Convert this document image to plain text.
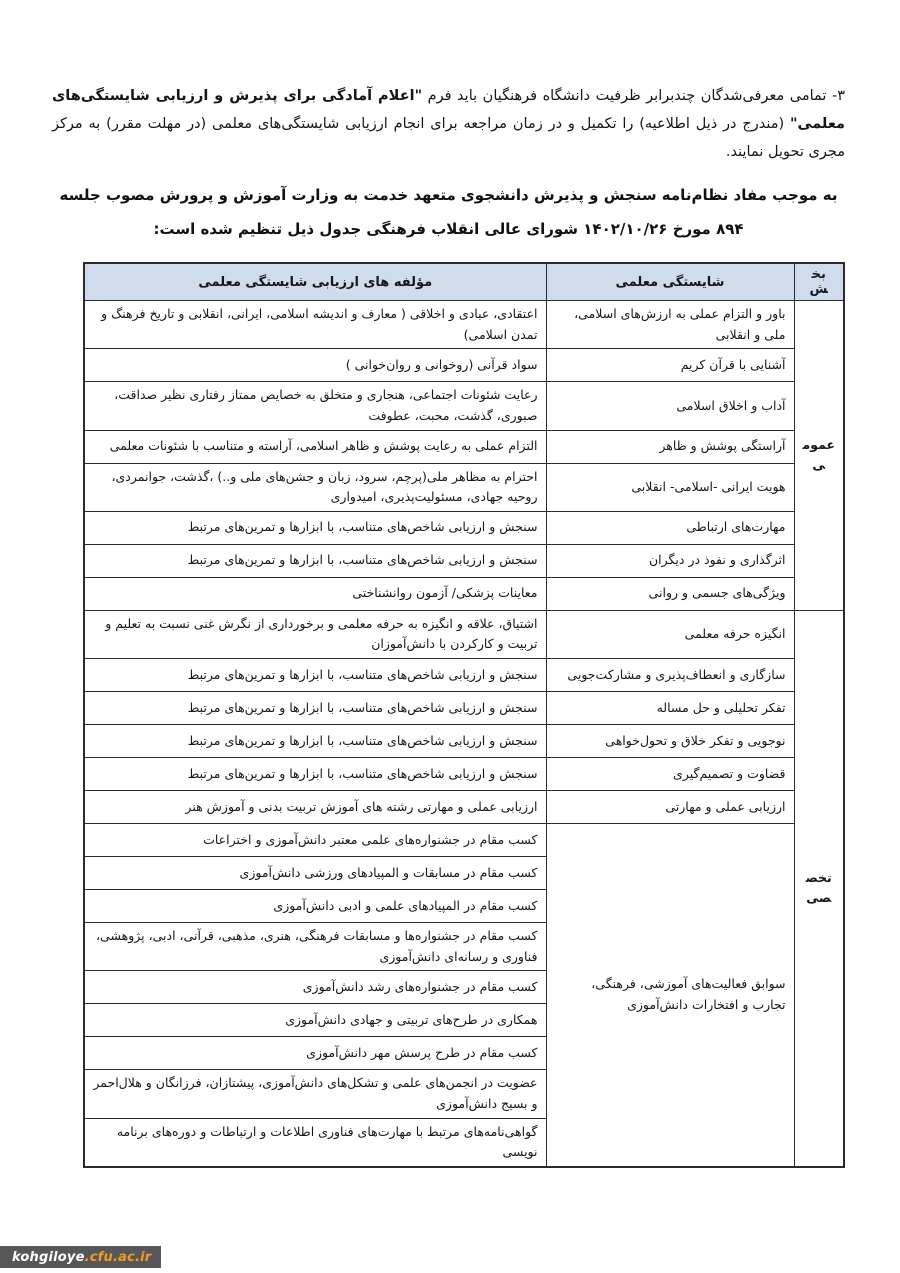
۳- تمامی معرفی‌شدگان چندبرابر ظرفیت دانشگاه فرهنگیان باید فرم "اعلام آمادگی برای پذیرش و ارزیابی شایستگی‌های معلمی" (مندرج در ذیل اطلاعیه) را تکمیل و در زمان مراجعه برای انجام ارزیابی شایستگی‌های معلمی (در مهلت مقرر) به مرکز مجری تحویل نمایند.

به موجب مفاد نظام‌نامه سنجش و پذیرش دانشجوی متعهد خدمت به وزارت آموزش و پرورش مصوب جلسه ۸۹۴ مورخ ۱۴۰۲/۱۰/۲۶ شورای عالی انقلاب فرهنگی جدول ذیل تنظیم شده است:

بخش	شایستگی معلمی	مؤلفه های ارزیابی شایستگی معلمی
عمومی	باور و التزام عملی به ارزش‌های اسلامی، ملی و انقلابی	اعتقادی، عبادی و اخلاقی ( معارف و اندیشه اسلامی، ایرانی، انقلابی و تاریخ فرهنگ و تمدن اسلامی)
	آشنایی با قرآن کریم	سواد قرآنی (روخوانی و روان‌خوانی )
	آداب و اخلاق اسلامی	رعایت شئونات اجتماعی، هنجاری و متخلق به خصایص ممتاز رفتاری نظیر صداقت، صبوری، گذشت، محبت، عطوفت
	آراستگی پوشش و ظاهر	التزام عملی به رعایت پوشش و ظاهر اسلامی، آراسته و متناسب با شئونات معلمی
	هویت ایرانی -اسلامی- انقلابی	احترام به مظاهر ملی(پرچم، سرود، زبان و جشن‌های ملی و..) ،گذشت، جوانمردی، روحیه جهادی، مسئولیت‌پذیری، امیدواری
	مهارت‌های ارتباطی	سنجش و ارزیابی شاخص‌های متناسب، با ابزارها و تمرین‌های مرتبط
	اثرگذاری و نفوذ در دیگران	سنجش و ارزیابی شاخص‌های متناسب، با ابزارها و تمرین‌های مرتبط
	ویژگی‌های جسمی و روانی	معاینات پزشکی/ آزمون روانشناختی
تخصصی	انگیزه حرفه معلمی	اشتیاق، علاقه و انگیزه به حرفه معلمی و برخورداری از نگرش غنی نسبت به تعلیم و تربیت و کارکردن با دانش‌آموزان
	سازگاری و انعطاف‌پذیری و مشارکت‌جویی	سنجش و ارزیابی شاخص‌های متناسب، با ابزارها و تمرین‌های مرتبط
	تفکر تحلیلی و حل مساله	سنجش و ارزیابی شاخص‌های متناسب، با ابزارها و تمرین‌های مرتبط
	نوجویی و تفکر خلاق و تحول‌خواهی	سنجش و ارزیابی شاخص‌های متناسب، با ابزارها و تمرین‌های مرتبط
	قضاوت و تصمیم‌گیری	سنجش و ارزیابی شاخص‌های متناسب، با ابزارها و تمرین‌های مرتبط
	ارزیابی عملی و مهارتی	ارزیابی عملی و مهارتی رشته های آموزش تربیت بدنی و آموزش هنر
	سوابق فعالیت‌های آموزشی، فرهنگی، تجارب و افتخارات دانش‌آموزی	کسب مقام در جشنواره‌های علمی معتبر دانش‌آموزی و اختراعات
		کسب مقام در مسابقات و المپیادهای ورزشی دانش‌آموزی
		کسب مقام در المپیادهای علمی و ادبی دانش‌آموزی
		کسب مقام در جشنواره‌ها و مسابقات فرهنگی، هنری، مذهبی، قرآنی، ادبی، پژوهشی، فناوری و رسانه‌ای دانش‌آموزی
		کسب مقام در جشنواره‌های رشد دانش‌آموزی
		همکاری در طرح‌های تربیتی و جهادی دانش‌آموزی
		کسب مقام در طرح پرسش مهر دانش‌آموزی
		عضویت در انجمن‌های علمی و تشکل‌های دانش‌آموزی، پیشتازان، فرزانگان و هلال‌احمر و بسیج دانش‌آموزی
		گواهی‌نامه‌های مرتبط با مهارت‌های فناوری اطلاعات و ارتباطات و دوره‌های برنامه نویسی
kohgiloye .cfu.ac.ir
